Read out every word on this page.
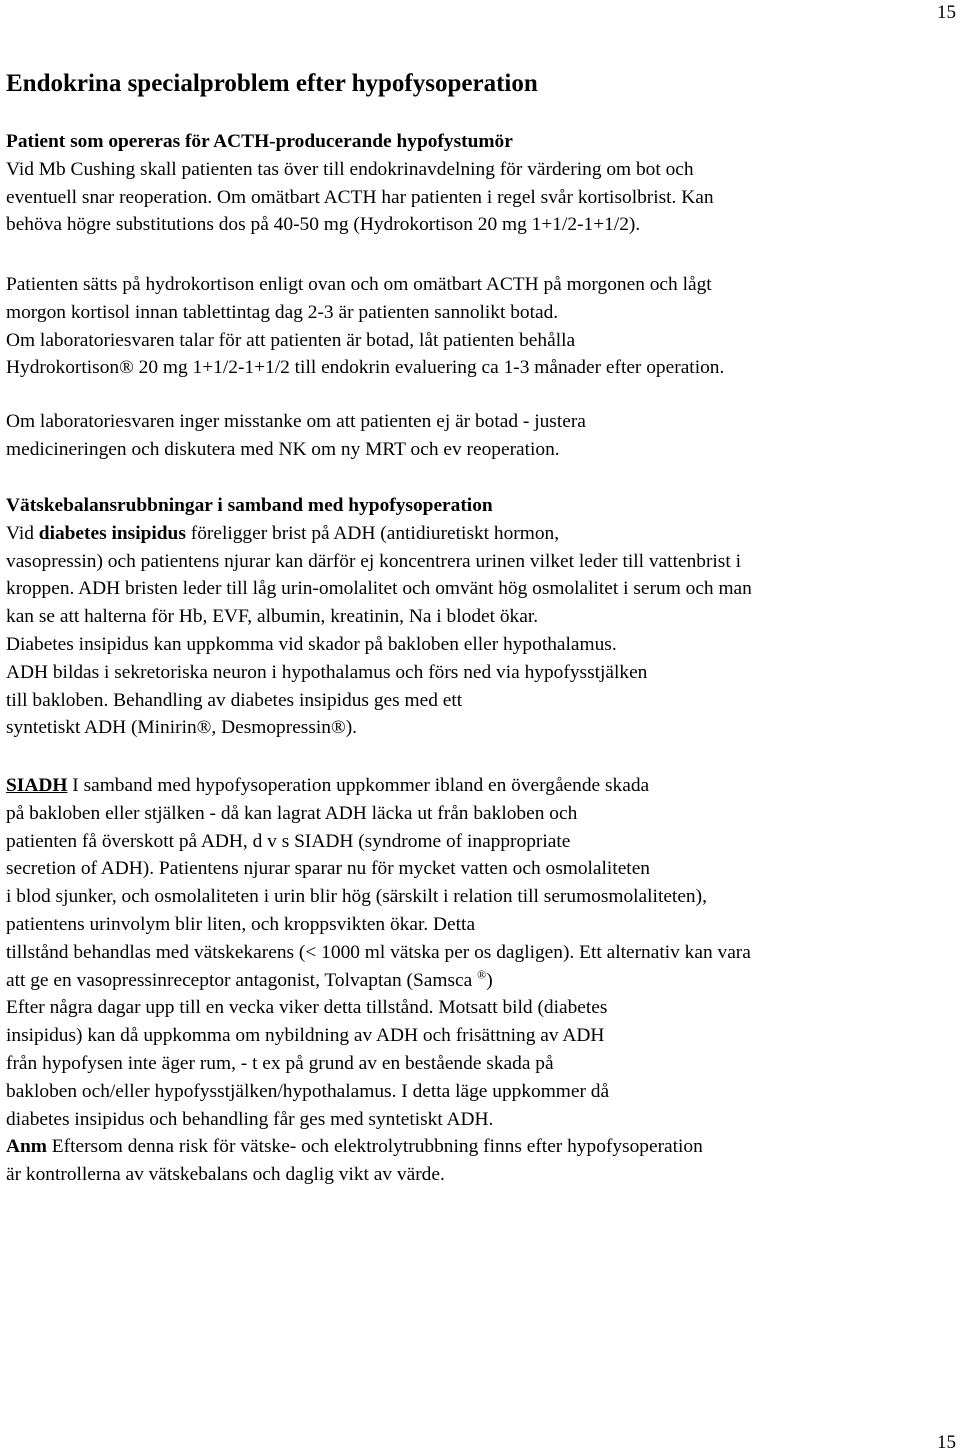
15
Endokrina specialproblem efter hypofysoperation
Patient som opereras för ACTH-producerande hypofystumör
Vid Mb Cushing skall patienten tas över till endokrinavdelning för värdering om bot och
eventuell snar reoperation. Om omätbart ACTH har patienten i regel svår kortisolbrist. Kan
behöva högre substitutions dos på 40-50 mg (Hydrokortison 20 mg 1+1/2-1+1/2).
Patienten sätts på hydrokortison enligt ovan och om omätbart ACTH på morgonen och lågt
morgon kortisol innan tablettintag dag 2-3 är patienten sannolikt botad.
Om laboratoriesvaren talar för att patienten är botad, låt patienten behålla
Hydrokortison® 20 mg 1+1/2-1+1/2 till endokrin evaluering ca 1-3 månader efter operation.
Om laboratoriesvaren inger misstanke om att patienten ej är botad - justera
medicineringen och diskutera med NK om ny MRT och ev reoperation.
Vätskebalansrubbningar i samband med hypofysoperation
Vid diabetes insipidus föreligger brist på ADH (antidiuretiskt hormon,
vasopressin) och patientens njurar kan därför ej koncentrera urinen vilket leder till vattenbrist i
kroppen. ADH bristen leder till låg urin-omolalitet och omvänt hög osmolalitet i serum och man
kan se att halterna för Hb, EVF, albumin, kreatinin, Na i blodet ökar.
Diabetes insipidus kan uppkomma vid skador på bakloben eller hypothalamus.
ADH bildas i sekretoriska neuron i hypothalamus och förs ned via hypofysstjälken
till bakloben. Behandling av diabetes insipidus ges med ett
syntetiskt ADH (Minirin®, Desmopressin®).
SIADH I samband med hypofysoperation uppkommer ibland en övergående skada
på bakloben eller stjälken - då kan lagrat ADH läcka ut från bakloben och
patienten få överskott på ADH, d v s SIADH (syndrome of inappropriate
secretion of ADH). Patientens njurar sparar nu för mycket vatten och osmolaliteten
i blod sjunker, och osmolaliteten i urin blir hög (särskilt i relation till serumosmolaliteten),
patientens urinvolym blir liten, och kroppsvikten ökar. Detta
tillstånd behandlas med vätskekarens (< 1000 ml vätska per os dagligen). Ett alternativ kan vara
att ge en vasopressinreceptor antagonist, Tolvaptan (Samsca ®)
Efter några dagar upp till en vecka viker detta tillstånd. Motsatt bild (diabetes
insipidus) kan då uppkomma om nybildning av ADH och frisättning av ADH
från hypofysen inte äger rum, - t ex på grund av en bestående skada på
bakloben och/eller hypofysstjälken/hypothalamus. I detta läge uppkommer då
diabetes insipidus och behandling får ges med syntetiskt ADH.
Anm Eftersom denna risk för vätske- och elektrolytrubbning finns efter hypofysoperation
är kontrollerna av vätskebalans och daglig vikt av värde.
15
